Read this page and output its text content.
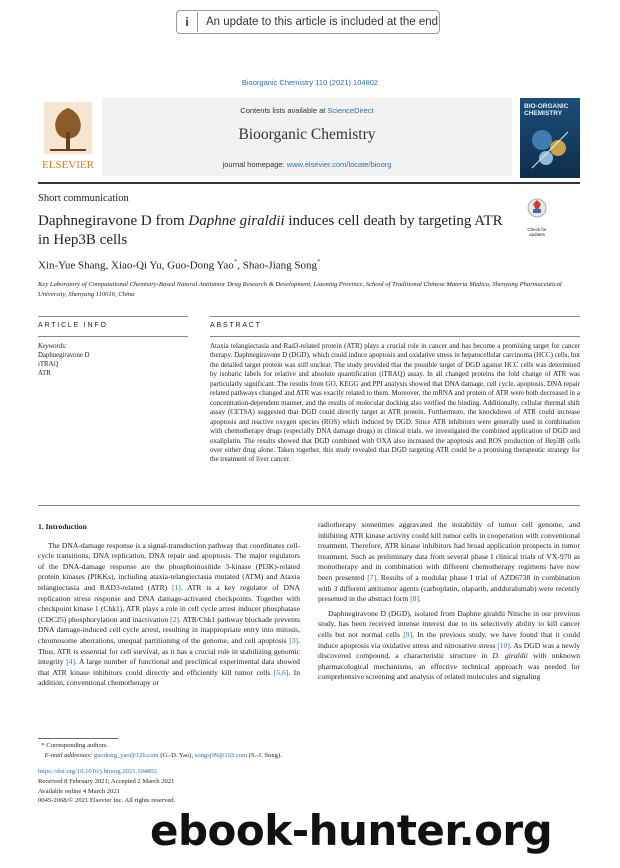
i	An update to this article is included at the end
Bioorganic Chemistry 110 (2021) 104802
ELSEVIER
Contents lists available at ScienceDirect
Bioorganic Chemistry
journal homepage: www.elsevier.com/locate/bioorg
BIO-ORGANIC CHEMISTRY
Short communication
Daphnegiravone D from Daphne giraldii induces cell death by targeting ATR in Hep3B cells
Check for updates
Xin-Yue Shang, Xiao-Qi Yu, Guo-Dong Yao*, Shao-Jiang Song*
Key Laboratory of Computational Chemistry-Based Natural Antitumor Drug Research & Development, Liaoning Province, School of Traditional Chinese Materia Medica, Shenyang Pharmaceutical University, Shenyang 110016, China
ARTICLE INFO	ABSTRACT
Keywords:
Daphnegiravone D
iTRAQ
ATR
Ataxia telangiectasia and Rad3-related protein (ATR) plays a crucial role in cancer and has become a promising target for cancer therapy. Daphnegiravone D (DGD), which could induce apoptosis and oxidative stress in hepatocellular carcinoma (HCC) cells, but the detailed target protein was still unclear. The study provided that the possible target of DGD against HCC cells was determined by isobaric labels for relative and absolute quantification (iTRAQ) assay. In all changed proteins the fold change of ATR was particularly significant. The results from GO, KEGG and PPI analysis showed that DNA damage, cell cycle, apoptosis, DNA repair related pathways changed and ATR was exactly related to them. Moreover, the mRNA and protein of ATR were both decreased in a concentration-dependent manner, and the results of molecular docking also verified the binding. Additionally, cellular thermal shift assay (CETSA) suggested that DGD could directly target at ATR protein. Furthermore, the knockdown of ATR could increase apoptosis and reactive oxygen species (ROS) which induced by DGD. Since ATR inhibitors were generally used in combination with chemotherapy drugs (especially DNA damage drugs) in clinical trials, we investigated the combined application of DGD and oxaliplatin. The results showed that DGD combined with OXA also increased the apoptosis and ROS production of Hep3B cells over either drug alone. Taken together, this study revealed that DGD targeting ATR could be a promising therapeutic strategy for the treatment of liver cancer.
1. Introduction

The DNA-damage response is a signal-transduction pathway that coordinates cell-cycle transitions, DNA replication, DNA repair and apoptosis. The major regulators of the DNA-damage response are the phosphoinositide 3-kinase (PI3K)-related protein kinases (PIKKs), including ataxia-telangiectasia mutated (ATM) and Ataxia telangiectasia and RAD3-related (ATR) [1]. ATR is a key regulator of DNA replication stress response and DNA damage-activated checkpoints. Together with checkpoint kinase 1 (Chk1), ATR plays a role in cell cycle arrest inducer phosphatase (CDC25) phosphorylation and inactivation [2]. ATR/Chk1 pathway blockade prevents DNA damage-induced cell cycle arrest, resulting in inappropriate entry into mitosis, chromosome aberrations, unequal partitioning of the genome, and cell apoptosis [3]. Thus, ATR is essential for cell survival, as it has a crucial role in stabilizing genomic integrity [4]. A large number of functional and preclinical experimental data showed that ATR kinase inhibitors could directly and efficiently kill tumor cells [5,6]. In addition, conventional chemotherapy or

radiotherapy sometimes aggravated the instability of tumor cell genome, and inhibiting ATR kinase activity could kill tumor cells in cooperation with conventional treatment. Therefore, ATR kinase inhibitors had broad application prospects in tumor treatment. Such as preliminary data from several phase I clinical trials of VX-970 as monotherapy and in combination with different chemotherapy regimens have now been presented [7]. Results of a modular phase I trial of AZD6738 in combination with 3 different antitumor agents (carboplatin, olaparib, andduralumab) were recently presented in the abstract form [8].

Daphnegiravone D (DGD), isolated from Daphne giraldii Nitsche in our previous study, has been received intense interest due to its selectively ability to kill cancer cells but not normal cells [9]. In the previous study, we have found that it could induce apoptosis via oxidative stress and nitrosative stress [10]. As DGD was a newly discovered compound, a characteristic structure in D. giraldii with unknown pharmacological mechanisms, an effective technical approach was needed for comprehensive screening and analysis of related molecules and signaling

* Corresponding authors.
E-mail addresses: guodong_yao@126.com (G.-D. Yao), songsj99@163.com (S.-J. Song).
https://doi.org/10.1016/j.bioorg.2021.104802
Received 8 February 2021; Accepted 2 March 2021
Available online 4 March 2021
0045-2068/© 2021 Elsevier Inc. All rights reserved.
ebook-hunter.org
